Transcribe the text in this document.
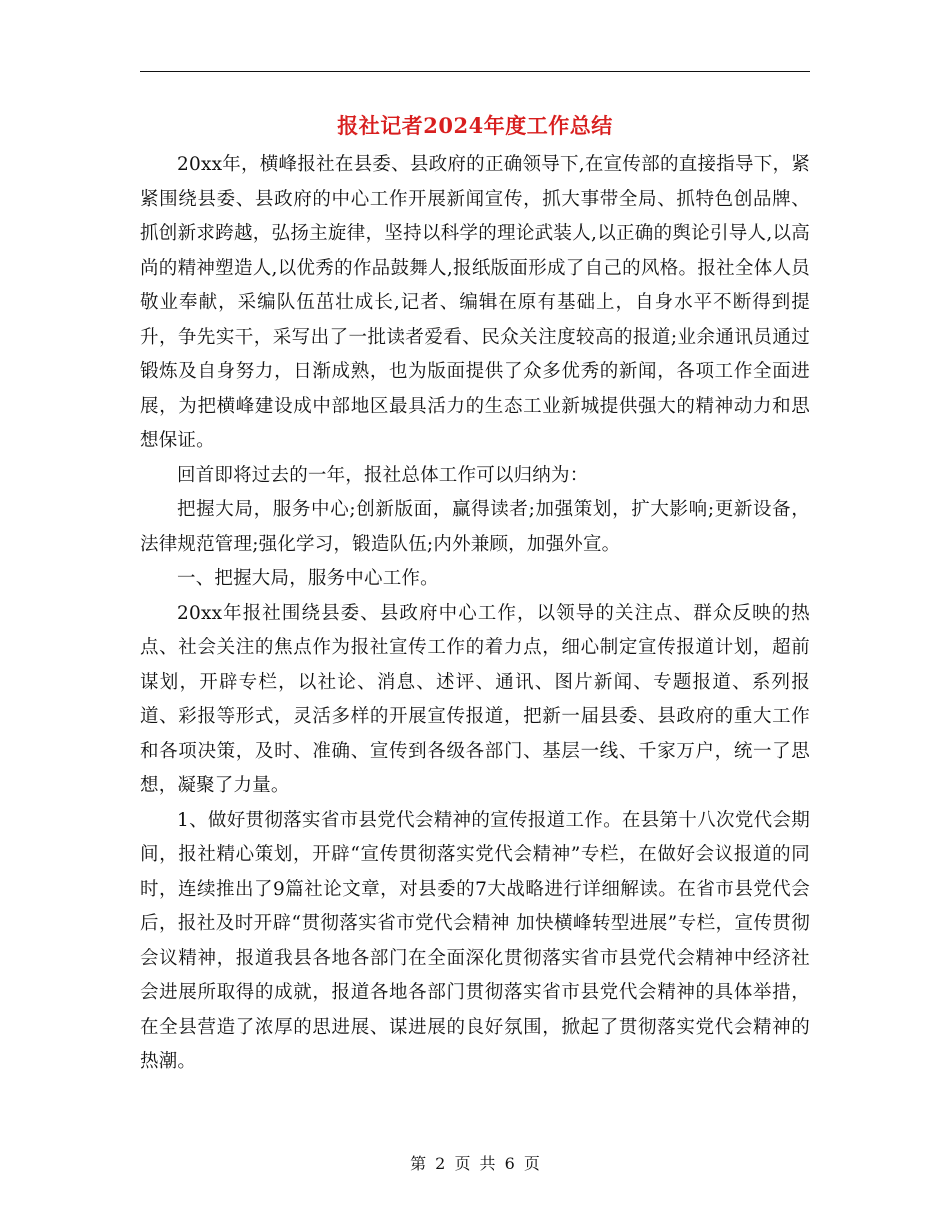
报社记者2024年度工作总结

20xx年，横峰报社在县委、县政府的正确领导下,在宣传部的直接指导下，紧紧围绕县委、县政府的中心工作开展新闻宣传，抓大事带全局、抓特色创品牌、抓创新求跨越，弘扬主旋律，坚持以科学的理论武装人,以正确的舆论引导人,以高尚的精神塑造人,以优秀的作品鼓舞人,报纸版面形成了自己的风格。报社全体人员敬业奉献，采编队伍茁壮成长,记者、编辑在原有基础上，自身水平不断得到提升，争先实干，采写出了一批读者爱看、民众关注度较高的报道;业余通讯员通过锻炼及自身努力，日渐成熟，也为版面提供了众多优秀的新闻，各项工作全面进展，为把横峰建设成中部地区最具活力的生态工业新城提供强大的精神动力和思想保证。

回首即将过去的一年，报社总体工作可以归纳为：

把握大局，服务中心;创新版面，赢得读者;加强策划，扩大影响;更新设备，法律规范管理;强化学习，锻造队伍;内外兼顾，加强外宣。

一、把握大局，服务中心工作。

20xx年报社围绕县委、县政府中心工作，以领导的关注点、群众反映的热点、社会关注的焦点作为报社宣传工作的着力点，细心制定宣传报道计划，超前谋划，开辟专栏，以社论、消息、述评、通讯、图片新闻、专题报道、系列报道、彩报等形式，灵活多样的开展宣传报道，把新一届县委、县政府的重大工作和各项决策，及时、准确、宣传到各级各部门、基层一线、千家万户，统一了思想，凝聚了力量。

1、做好贯彻落实省市县党代会精神的宣传报道工作。在县第十八次党代会期间，报社精心策划，开辟“宣传贯彻落实党代会精神”专栏，在做好会议报道的同时，连续推出了9篇社论文章，对县委的7大战略进行详细解读。在省市县党代会后，报社及时开辟“贯彻落实省市党代会精神 加快横峰转型进展”专栏，宣传贯彻会议精神，报道我县各地各部门在全面深化贯彻落实省市县党代会精神中经济社会进展所取得的成就，报道各地各部门贯彻落实省市县党代会精神的具体举措，在全县营造了浓厚的思进展、谋进展的良好氛围，掀起了贯彻落实党代会精神的热潮。

第 2 页 共 6 页
